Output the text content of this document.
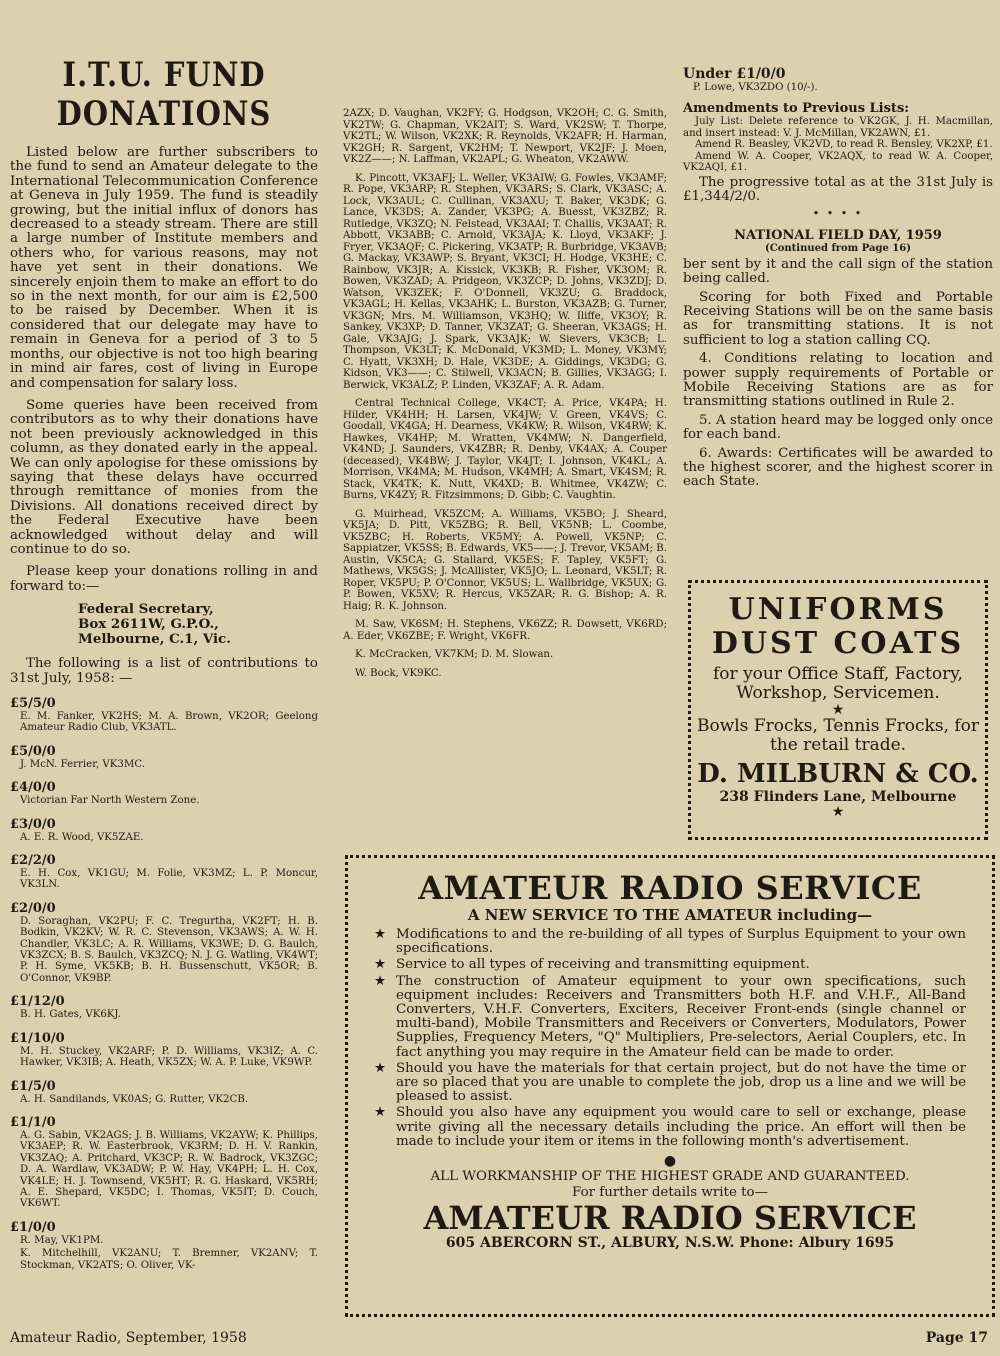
I.T.U. FUND DONATIONS

Listed below are further subscribers to the fund to send an Amateur delegate to the International Telecommunication Conference at Geneva in July 1959. The fund is steadily growing, but the initial influx of donors has decreased to a steady stream. There are still a large number of Institute members and others who, for various reasons, may not have yet sent in their donations. We sincerely enjoin them to make an effort to do so in the next month, for our aim is £2,500 to be raised by December. When it is considered that our delegate may have to remain in Geneva for a period of 3 to 5 months, our objective is not too high bearing in mind air fares, cost of living in Europe and compensation for salary loss.

Some queries have been received from contributors as to why their donations have not been previously acknowledged in this column, as they donated early in the appeal. We can only apologise for these omissions by saying that these delays have occurred through remittance of monies from the Divisions. All donations received direct by the Federal Executive have been acknowledged without delay and will continue to do so.

Please keep your donations rolling in and forward to:—

Federal Secretary,
Box 2611W, G.P.O.,
Melbourne, C.1, Vic.

The following is a list of contributions to 31st July, 1958: —

£5/5/0
E. M. Fanker, VK2HS; M. A. Brown, VK2OR; Geelong Amateur Radio Club, VK3ATL.
£5/0/0
J. McN. Ferrier, VK3MC.
£4/0/0
Victorian Far North Western Zone.
£3/0/0
A. E. R. Wood, VK5ZAE.
£2/2/0
E. H. Cox, VK1GU; M. Folie, VK3MZ; L. P. Moncur, VK3LN.
£2/0/0
D. Soraghan, VK2PU; F. C. Tregurtha, VK2FT; H. B. Bodkin, VK2KV; W. R. C. Stevenson, VK3AWS; A. W. H. Chandler, VK3LC; A. R. Williams, VK3WE; D. G. Baulch, VK3ZCX; B. S. Baulch, VK3ZCQ; N. J. G. Watling, VK4WT; P. H. Syme, VK5KB; B. H. Bussenschutt, VK5OR; B. O'Connor, VK9BP.
£1/12/0
B. H. Gates, VK6KJ.
£1/10/0
M. H. Stuckey, VK2ARF; P. D. Williams, VK3IZ; A. C. Hawker, VK3IB; A. Heath, VK5ZX; W. A. P. Luke, VK9WP.
£1/5/0
A. H. Sandilands, VK0AS; G. Rutter, VK2CB.
£1/1/0
A. G. Sabin, VK2AGS; J. B. Williams, VK2AYW; K. Phillips, VK3AEP; R. W. Easterbrook, VK3RM; D. H. V. Rankin, VK3ZAQ; A. Pritchard, VK3CP; R. W. Badrock, VK3ZGC; D. A. Wardlaw, VK3ADW; P. W. Hay, VK4PH; L. H. Cox, VK4LE; H. J. Townsend, VK5HT; R. G. Haskard, VK5RH; A. E. Shepard, VK5DC; I. Thomas, VK5IT; D. Couch, VK6WT.
£1/0/0
R. May, VK1PM.
K. Mitchelhill, VK2ANU; T. Bremner, VK2ANV; T. Stockman, VK2ATS; O. Oliver, VK-
2AZX; D. Vaughan, VK2FY; G. Hodgson, VK2OH; C. G. Smith, VK2TW; G. Chapman, VK2AIT; S. Ward, VK2SW; T. Thorpe, VK2TL; W. Wilson, VK2XK; R. Reynolds, VK2AFR; H. Harman, VK2GH; R. Sargent, VK2HM; T. Newport, VK2JF; J. Moen, VK2Z——; N. Laffman, VK2APL; G. Wheaton, VK2AWW.
K. Pincott, VK3AFJ; L. Weller, VK3AIW; G. Fowles, VK3AMF; R. Pope, VK3ARP; R. Stephen, VK3ARS; S. Clark, VK3ASC; A. Lock, VK3AUL; C. Cullinan, VK3AXU; T. Baker, VK3DK; G. Lance, VK3DS; A. Zander, VK3PG; A. Buesst, VK3ZBZ; R. Rutledge, VK3ZQ; N. Felstead, VK3AAI; T. Challis, VK3AAT; R. Abbott, VK3ABB; C. Arnold, VK3AJA; K. Lloyd, VK3AKF; J. Fryer, VK3AQF; C. Pickering, VK3ATP; R. Burbridge, VK3AVB; G. Mackay, VK3AWP; S. Bryant, VK3CI; H. Hodge, VK3HE; C. Rainbow, VK3JR; A. Kissick, VK3KB; R. Fisher, VK3OM; R. Bowen, VK3ZAD; A. Pridgeon, VK3ZCP; D. Johns, VK3ZDJ; D. Watson, VK3ZEK; F. O'Donnell, VK3ZU; G. Braddock, VK3AGL; H. Kellas, VK3AHK; L. Burston, VK3AZB; G. Turner, VK3GN; Mrs. M. Williamson, VK3HQ; W. Iliffe, VK3OY; R. Sankey, VK3XP; D. Tanner, VK3ZAT; G. Sheeran, VK3AGS; H. Gale, VK3AJG; J. Spark, VK3AJK; W. Sievers, VK3CB; L. Thompson, VK3LT; K. McDonald, VK3MD; L. Money, VK3MY; C. Hyatt, VK3XH; D. Hale, VK3DE; A. Giddings, VK3DG; G. Kidson, VK3——; C. Stilwell, VK3ACN; B. Gillies, VK3AGG; I. Berwick, VK3ALZ; P. Linden, VK3ZAF; A. R. Adam.
Central Technical College, VK4CT; A. Price, VK4PA; H. Hilder, VK4HH; H. Larsen, VK4JW; V. Green, VK4VS; C. Goodall, VK4GA; H. Dearness, VK4KW; R. Wilson, VK4RW; K. Hawkes, VK4HP; M. Wratten, VK4MW; N. Dangerfield, VK4ND; J. Saunders, VK4ZBR; R. Denby, VK4AX; A. Couper (deceased), VK4BW; J. Taylor, VK4JT; I. Johnson, VK4KL; A. Morrison, VK4MA; M. Hudson, VK4MH; A. Smart, VK4SM; R. Stack, VK4TK; K. Nutt, VK4XD; B. Whitmee, VK4ZW; C. Burns, VK4ZY; R. Fitzsimmons; D. Gibb; C. Vaughtin.
G. Muirhead, VK5ZCM; A. Williams, VK5BO; J. Sheard, VK5JA; D. Pitt, VK5ZBG; R. Bell, VK5NB; L. Coombe, VK5ZBC; H. Roberts, VK5MY; A. Powell, VK5NP; C. Sappiatzer, VK5SS; B. Edwards, VK5——; J. Trevor, VK5AM; B. Austin, VK5CA; G. Stallard, VK5ES; F. Tapley, VK5FT; G. Mathews, VK5GS; J. McAllister, VK5JO; L. Leonard, VK5LT; R. Roper, VK5PU; P. O'Connor, VK5US; L. Wallbridge, VK5UX; G. P. Bowen, VK5XV; R. Hercus, VK5ZAR; R. G. Bishop; A. R. Haig; R. K. Johnson.
M. Saw, VK6SM; H. Stephens, VK6ZZ; R. Dowsett, VK6RD; A. Eder, VK6ZBE; F. Wright, VK6FR.
K. McCracken, VK7KM; D. M. Slowan.
W. Bock, VK9KC.
Under £1/0/0
P. Lowe, VK3ZDO (10/-).
Amendments to Previous Lists:
July List: Delete reference to VK2GK, J. H. Macmillan, and insert instead: V. J. McMillan, VK2AWN, £1.
Amend R. Beasley, VK2VD, to read R. Bensley, VK2XP, £1.
Amend W. A. Cooper, VK2AQX, to read W. A. Cooper, VK2AQI, £1.

The progressive total as at the 31st July is £1,344/2/0.

• • • •
NATIONAL FIELD DAY, 1959
(Continued from Page 16)

ber sent by it and the call sign of the station being called.

Scoring for both Fixed and Portable Receiving Stations will be on the same basis as for transmitting stations. It is not sufficient to log a station calling CQ.

4. Conditions relating to location and power supply requirements of Portable or Mobile Receiving Stations are as for transmitting stations outlined in Rule 2.

5. A station heard may be logged only once for each band.

6. Awards: Certificates will be awarded to the highest scorer, and the highest scorer in each State.

UNIFORMS
DUST COATS
for your Office Staff, Factory, Workshop, Servicemen.
★
Bowls Frocks, Tennis Frocks, for the retail trade.
D. MILBURN & CO.
238 Flinders Lane, Melbourne
★
AMATEUR RADIO SERVICE
A NEW SERVICE TO THE AMATEUR including—
★ Modifications to and the re-building of all types of Surplus Equipment to your own specifications.
★ Service to all types of receiving and transmitting equipment.
★ The construction of Amateur equipment to your own specifications, such equipment includes: Receivers and Transmitters both H.F. and V.H.F., All-Band Converters, V.H.F. Converters, Exciters, Receiver Front-ends (single channel or multi-band), Mobile Transmitters and Receivers or Converters, Modulators, Power Supplies, Frequency Meters, "Q" Multipliers, Pre-selectors, Aerial Couplers, etc. In fact anything you may require in the Amateur field can be made to order.
★ Should you have the materials for that certain project, but do not have the time or are so placed that you are unable to complete the job, drop us a line and we will be pleased to assist.
★ Should you also have any equipment you would care to sell or exchange, please write giving all the necessary details including the price. An effort will then be made to include your item or items in the following month's advertisement.
●
ALL WORKMANSHIP OF THE HIGHEST GRADE AND GUARANTEED.
For further details write to—
AMATEUR RADIO SERVICE
605 ABERCORN ST., ALBURY, N.S.W. Phone: Albury 1695
Amateur Radio, September, 1958	Page 17
